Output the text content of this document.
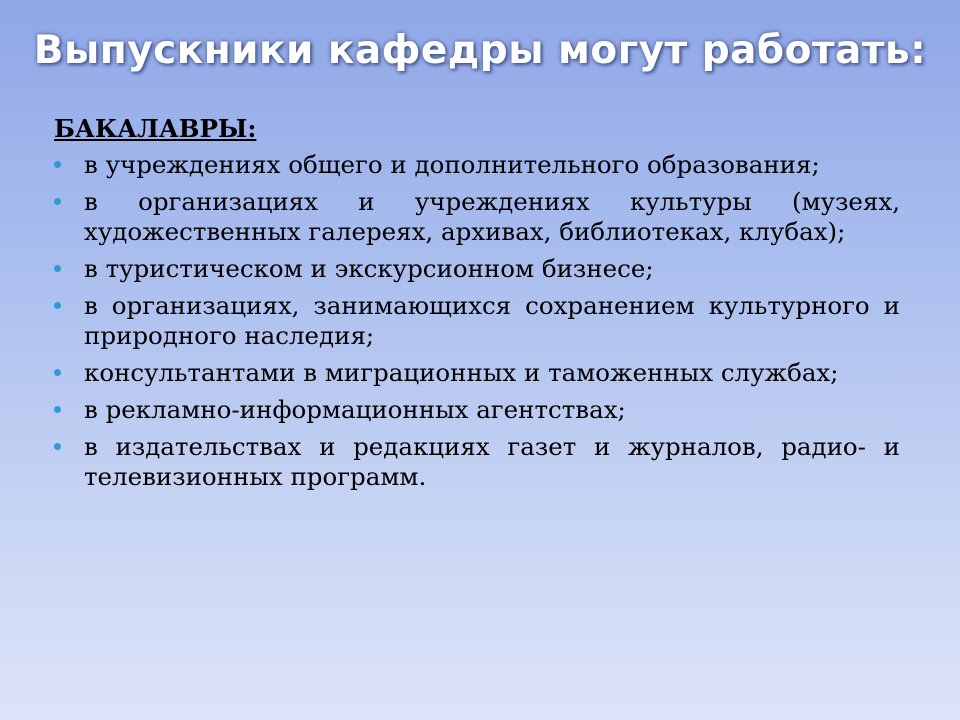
Выпускники кафедры могут работать:
БАКАЛАВРЫ:
в учреждениях общего и дополнительного образования;
в организациях и учреждениях культуры (музеях, художественных галереях, архивах, библиотеках, клубах);
в туристическом и экскурсионном бизнесе;
в организациях, занимающихся сохранением культурного и природного наследия;
консультантами в миграционных и таможенных службах;
в рекламно-информационных агентствах;
в издательствах и редакциях газет и журналов, радио- и телевизионных программ.
